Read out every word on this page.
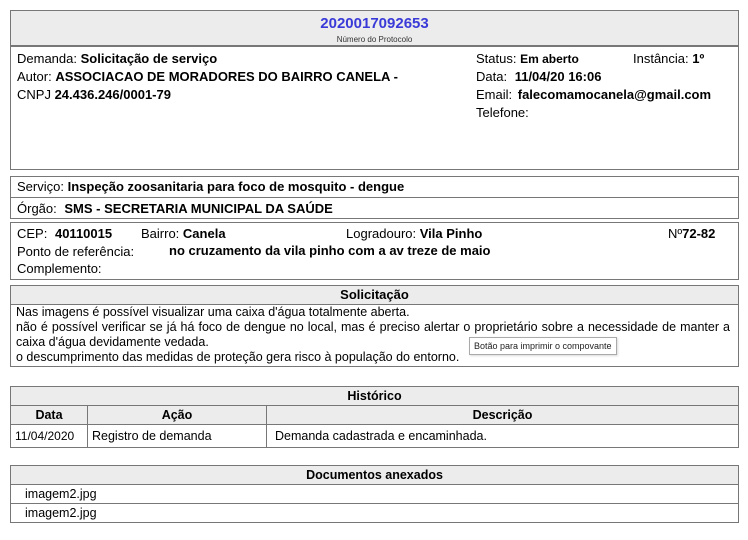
2020017092653
Número do Protocolo
Demanda: Solicitação de serviço
Autor: ASSOCIACAO DE MORADORES DO BAIRRO CANELA -
CNPJ 24.436.246/0001-79
Status: Em aberto	Instância: 1º
Data: 11/04/20 16:06
Email: falecomamocanela@gmail.com
Telefone:
Serviço: Inspeção zoosanitaria para foco de mosquito - dengue
Órgão: SMS - SECRETARIA MUNICIPAL DA SAÚDE
CEP: 40110015 Bairro: Canela	Logradouro: Vila Pinho	Nº72-82
Ponto de referência:	no cruzamento da vila pinho com a av treze de maio
Complemento:
Solicitação

Nas imagens é possível visualizar uma caixa d'água totalmente aberta.

não é possível verificar se já há foco de dengue no local, mas é preciso alertar o proprietário sobre a necessidade de manter a caixa d'água devidamente vedada.

o descumprimento das medidas de proteção gera risco à população do entorno.

Botão para imprimir o compovante
Histórico		
Data	Ação	Descrição
11/04/2020	Registro de demanda	Demanda cadastrada e encaminhada.
Documentos anexados
imagem2.jpg
imagem2.jpg
